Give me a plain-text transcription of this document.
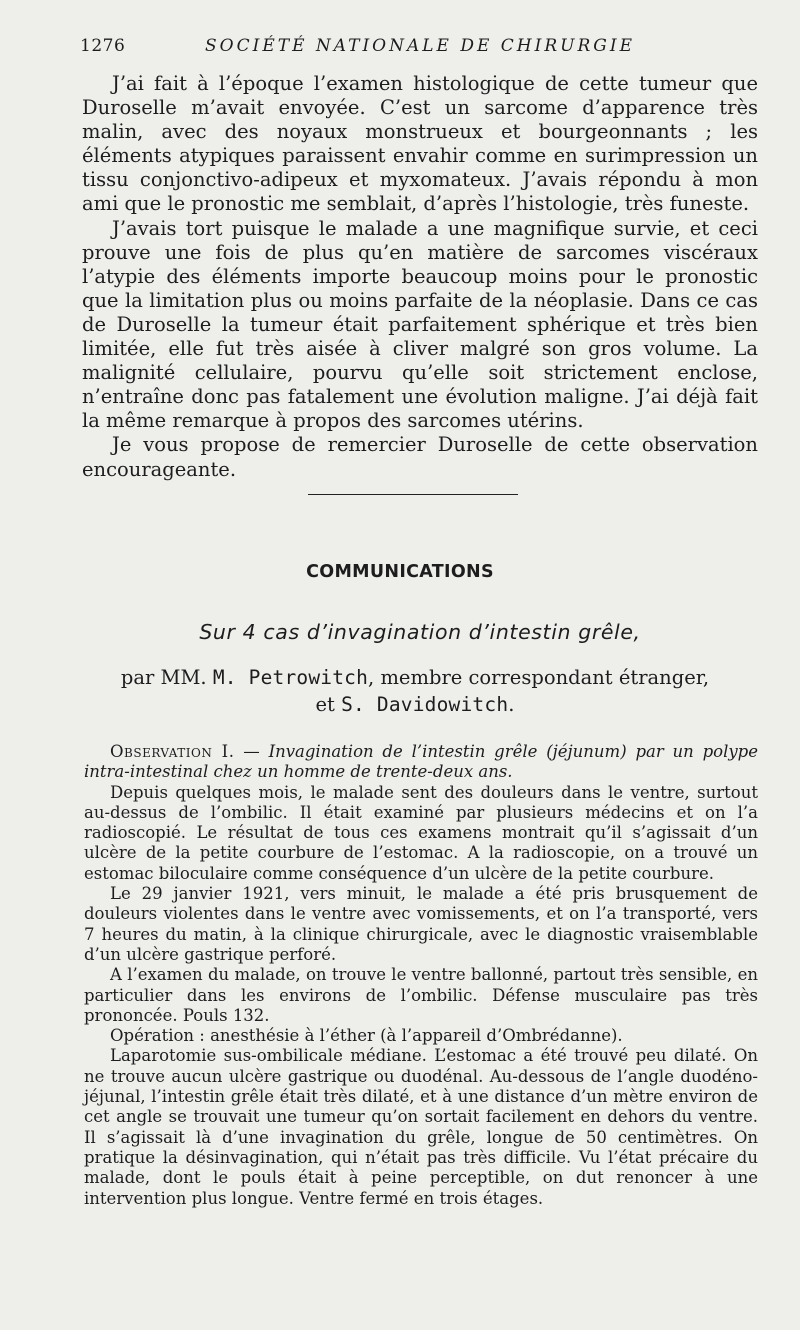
1276	SOCIÉTÉ NATIONALE DE CHIRURGIE

J’ai fait à l’époque l’examen histologique de cette tumeur que Duroselle m’avait envoyée. C’est un sarcome d’apparence très malin, avec des noyaux monstrueux et bourgeonnants ; les éléments atypiques paraissent envahir comme en surimpression un tissu conjonctivo-adipeux et myxomateux. J’avais répondu à mon ami que le pronostic me semblait, d’après l’histologie, très funeste.

J’avais tort puisque le malade a une magnifique survie, et ceci prouve une fois de plus qu’en matière de sarcomes viscéraux l’atypie des éléments importe beaucoup moins pour le pronostic que la limitation plus ou moins parfaite de la néoplasie. Dans ce cas de Duroselle la tumeur était parfaitement sphérique et très bien limitée, elle fut très aisée à cliver malgré son gros volume. La malignité cellulaire, pourvu qu’elle soit strictement enclose, n’entraîne donc pas fatalement une évolution maligne. J’ai déjà fait la même remarque à propos des sarcomes utérins.

Je vous propose de remercier Duroselle de cette observation encourageante.

COMMUNICATIONS
Sur 4 cas d’invagination d’intestin grêle,
par MM. M. Petrowitch, membre correspondant étranger,
et S. Davidowitch.

Observation I. — Invagination de l’intestin grêle (jéjunum) par un polype intra-intestinal chez un homme de trente-deux ans.

Depuis quelques mois, le malade sent des douleurs dans le ventre, surtout au-dessus de l’ombilic. Il était examiné par plusieurs médecins et on l’a radioscopié. Le résultat de tous ces examens montrait qu’il s’agissait d’un ulcère de la petite courbure de l’estomac. A la radioscopie, on a trouvé un estomac biloculaire comme conséquence d’un ulcère de la petite courbure.

Le 29 janvier 1921, vers minuit, le malade a été pris brusquement de douleurs violentes dans le ventre avec vomissements, et on l’a transporté, vers 7 heures du matin, à la clinique chirurgicale, avec le diagnostic vraisemblable d’un ulcère gastrique perforé.

A l’examen du malade, on trouve le ventre ballonné, partout très sensible, en particulier dans les environs de l’ombilic. Défense musculaire pas très prononcée. Pouls 132.

Opération : anesthésie à l’éther (à l’appareil d’Ombrédanne).

Laparotomie sus-ombilicale médiane. L’estomac a été trouvé peu dilaté. On ne trouve aucun ulcère gastrique ou duodénal. Au-dessous de l’angle duodéno-jéjunal, l’intestin grêle était très dilaté, et à une distance d’un mètre environ de cet angle se trouvait une tumeur qu’on sortait facilement en dehors du ventre. Il s’agissait là d’une invagination du grêle, longue de 50 centimètres. On pratique la désinvagination, qui n’était pas très difficile. Vu l’état précaire du malade, dont le pouls était à peine perceptible, on dut renoncer à une intervention plus longue. Ventre fermé en trois étages.
